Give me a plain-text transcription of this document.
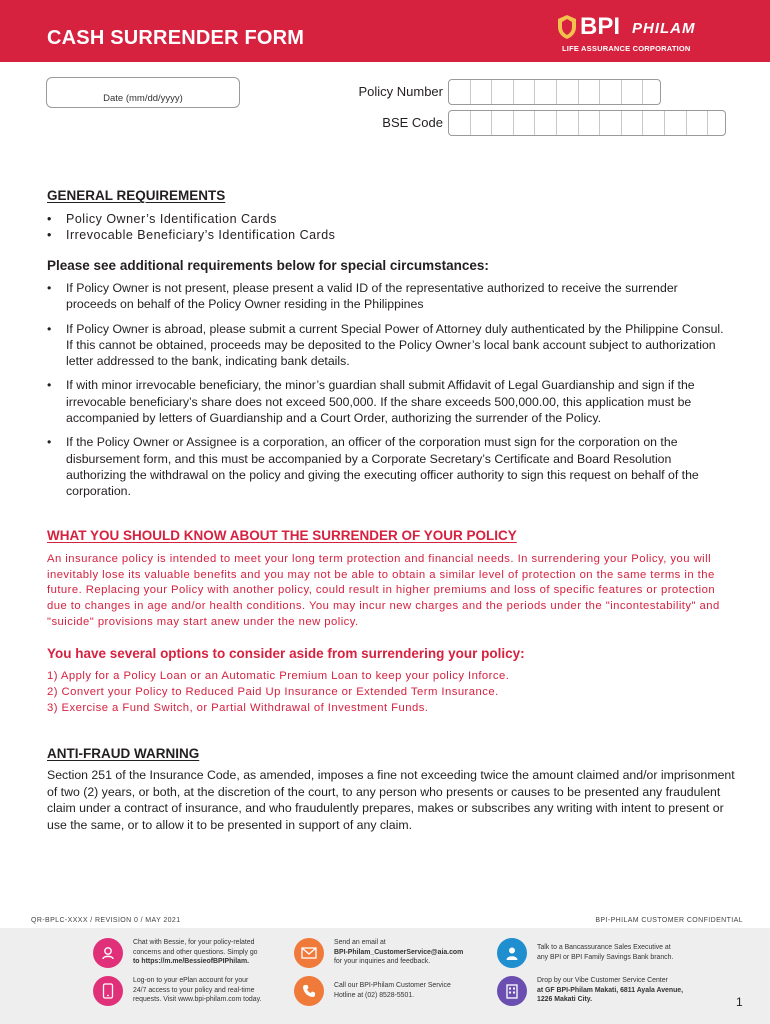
CASH SURRENDER FORM	BPI PHILAM
LIFE ASSURANCE CORPORATION
Date (mm/dd/yyyy)	Policy Number
BSE Code
GENERAL REQUIREMENTS
• Policy Owner’s Identification Cards
• Irrevocable Beneficiary’s Identification Cards
Please see additional requirements below for special circumstances:
• If Policy Owner is not present, please present a valid ID of the representative authorized to receive the surrender proceeds on behalf of the Policy Owner residing in the Philippines
• If Policy Owner is abroad, please submit a current Special Power of Attorney duly authenticated by the Philippine Consul. If this cannot be obtained, proceeds may be deposited to the Policy Owner’s local bank account subject to authorization letter addressed to the bank, indicating bank details.
• If with minor irrevocable beneficiary, the minor’s guardian shall submit Affidavit of Legal Guardianship and sign if the irrevocable beneficiary’s share does not exceed 500,000. If the share exceeds 500,000.00, this application must be accompanied by letters of Guardianship and a Court Order, authorizing the surrender of the Policy.
• If the Policy Owner or Assignee is a corporation, an officer of the corporation must sign for the corporation on the disbursement form, and this must be accompanied by a Corporate Secretary’s Certificate and Board Resolution authorizing the withdrawal on the policy and giving the executing officer authority to sign this request on behalf of the corporation.
WHAT YOU SHOULD KNOW ABOUT THE SURRENDER OF YOUR POLICY

An insurance policy is intended to meet your long term protection and financial needs. In surrendering your Policy, you will inevitably lose its valuable benefits and you may not be able to obtain a similar level of protection on the same terms in the future. Replacing your Policy with another policy, could result in higher premiums and loss of specific features or protection due to changes in age and/or health conditions. You may incur new charges and the periods under the "incontestability" and "suicide" provisions may start anew under the new policy.

You have several options to consider aside from surrendering your policy:
1) Apply for a Policy Loan or an Automatic Premium Loan to keep your policy Inforce.
2) Convert your Policy to Reduced Paid Up Insurance or Extended Term Insurance.
3) Exercise a Fund Switch, or Partial Withdrawal of Investment Funds.
ANTI-FRAUD WARNING

Section 251 of the Insurance Code, as amended, imposes a fine not exceeding twice the amount claimed and/or imprisonment of two (2) years, or both, at the discretion of the court, to any person who presents or causes to be presented any fraudulent claim under a contract of insurance, and who fraudulently prepares, makes or subscribes any writing with intent to present or use the same, or to allow it to be presented in support of any claim.

QR-BPLC-XXXX / REVISION 0 / MAY 2021	BPI-PHILAM CUSTOMER CONFIDENTIAL
Chat with Bessie, for your policy-related
concerns and other questions. Simply go
to https://m.me/BessieofBPIPhilam.
Send an email at
BPI-Philam_CustomerService@aia.com
for your inquiries and feedback.
Talk to a Bancassurance Sales Executive at
any BPI or BPI Family Savings Bank branch.
Log-on to your ePlan account for your
24/7 access to your policy and real-time
requests. Visit www.bpi-philam.com today.
Call our BPI-Philam Customer Service
Hotline at (02) 8528-5501.
Drop by our Vibe Customer Service Center
at GF BPI-Philam Makati, 6811 Ayala Avenue,
1226 Makati City.	1
